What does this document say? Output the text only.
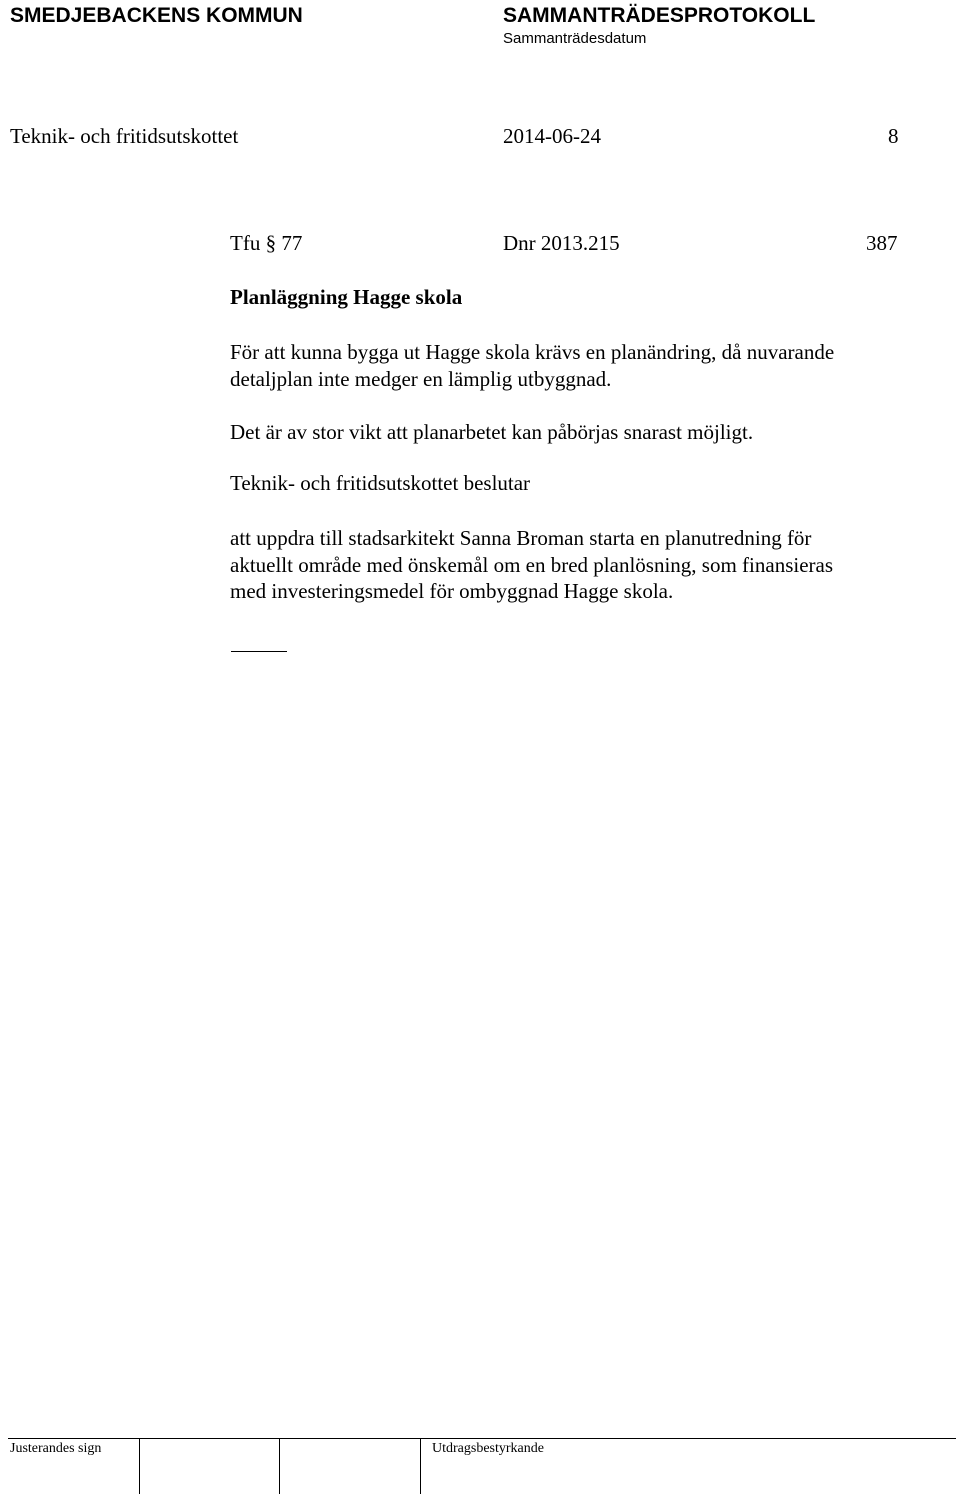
SMEDJEBACKENS KOMMUN	SAMMANTRÄDESPROTOKOLL
Sammanträdesdatum
Teknik- och fritidsutskottet	2014-06-24	8
Tfu § 77	Dnr 2013.215	387
Planläggning Hagge skola
För att kunna bygga ut Hagge skola krävs en planändring, då nuvarande
detaljplan inte medger en lämplig utbyggnad.
Det är av stor vikt att planarbetet kan påbörjas snarast möjligt.
Teknik- och fritidsutskottet beslutar
att uppdra till stadsarkitekt Sanna Broman starta en planutredning för
aktuellt område med önskemål om en bred planlösning, som finansieras
med investeringsmedel för ombyggnad Hagge skola.
Justerandes sign	Utdragsbestyrkande
